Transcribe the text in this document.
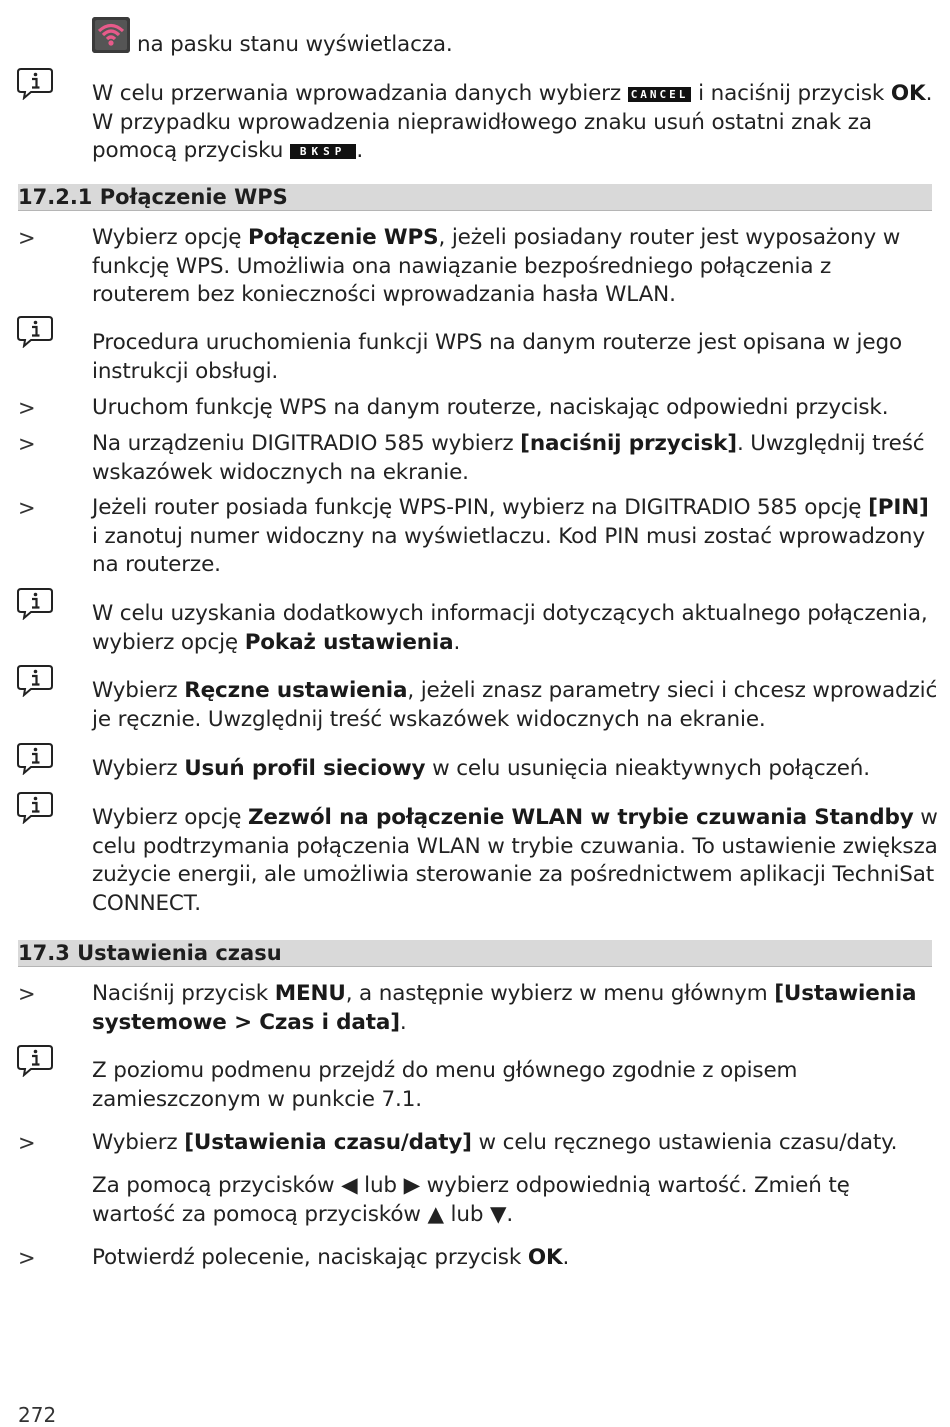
na pasku stanu wyświetlacza.
W celu przerwania wprowadzania danych wybierz CANCEL i naciśnij przycisk OK. W przypadku wprowadzenia nieprawidłowego znaku usuń ostatni znak za pomocą przycisku BKSP .
17.2.1 Połączenie WPS
>	Wybierz opcję Połączenie WPS, jeżeli posiadany router jest wyposażony w funkcję WPS. Umożliwia ona nawiązanie bezpośredniego połączenia z routerem bez konieczności wprowadzania hasła WLAN.
Procedura uruchomienia funkcji WPS na danym routerze jest opisana w jego instrukcji obsługi.
>	Uruchom funkcję WPS na danym routerze, naciskając odpowiedni przycisk.
>	Na urządzeniu DIGITRADIO 585 wybierz [naciśnij przycisk]. Uwzględnij treść wskazówek widocznych na ekranie.
>	Jeżeli router posiada funkcję WPS-PIN, wybierz na DIGITRADIO 585 opcję [PIN] i zanotuj numer widoczny na wyświetlaczu. Kod PIN musi zostać wprowadzony na routerze.
W celu uzyskania dodatkowych informacji dotyczących aktualnego połączenia, wybierz opcję Pokaż ustawienia.
Wybierz Ręczne ustawienia, jeżeli znasz parametry sieci i chcesz wprowadzić je ręcznie. Uwzględnij treść wskazówek widocznych na ekranie.
Wybierz Usuń profil sieciowy w celu usunięcia nieaktywnych połączeń.
Wybierz opcję Zezwól na połączenie WLAN w trybie czuwania Standby w celu podtrzymania połączenia WLAN w trybie czuwania. To ustawienie zwiększa zużycie energii, ale umożliwia sterowanie za pośrednictwem aplikacji TechniSat CONNECT.
17.3 Ustawienia czasu
>	Naciśnij przycisk MENU, a następnie wybierz w menu głównym [Ustawienia systemowe > Czas i data].
Z poziomu podmenu przejdź do menu głównego zgodnie z opisem zamieszczonym w punkcie 7.1.
>	Wybierz [Ustawienia czasu/daty] w celu ręcznego ustawienia czasu/daty.
Za pomocą przycisków ◀ lub ▶ wybierz odpowiednią wartość. Zmień tę wartość za pomocą przycisków ▲ lub ▼.
>	Potwierdź polecenie, naciskając przycisk OK.
272
